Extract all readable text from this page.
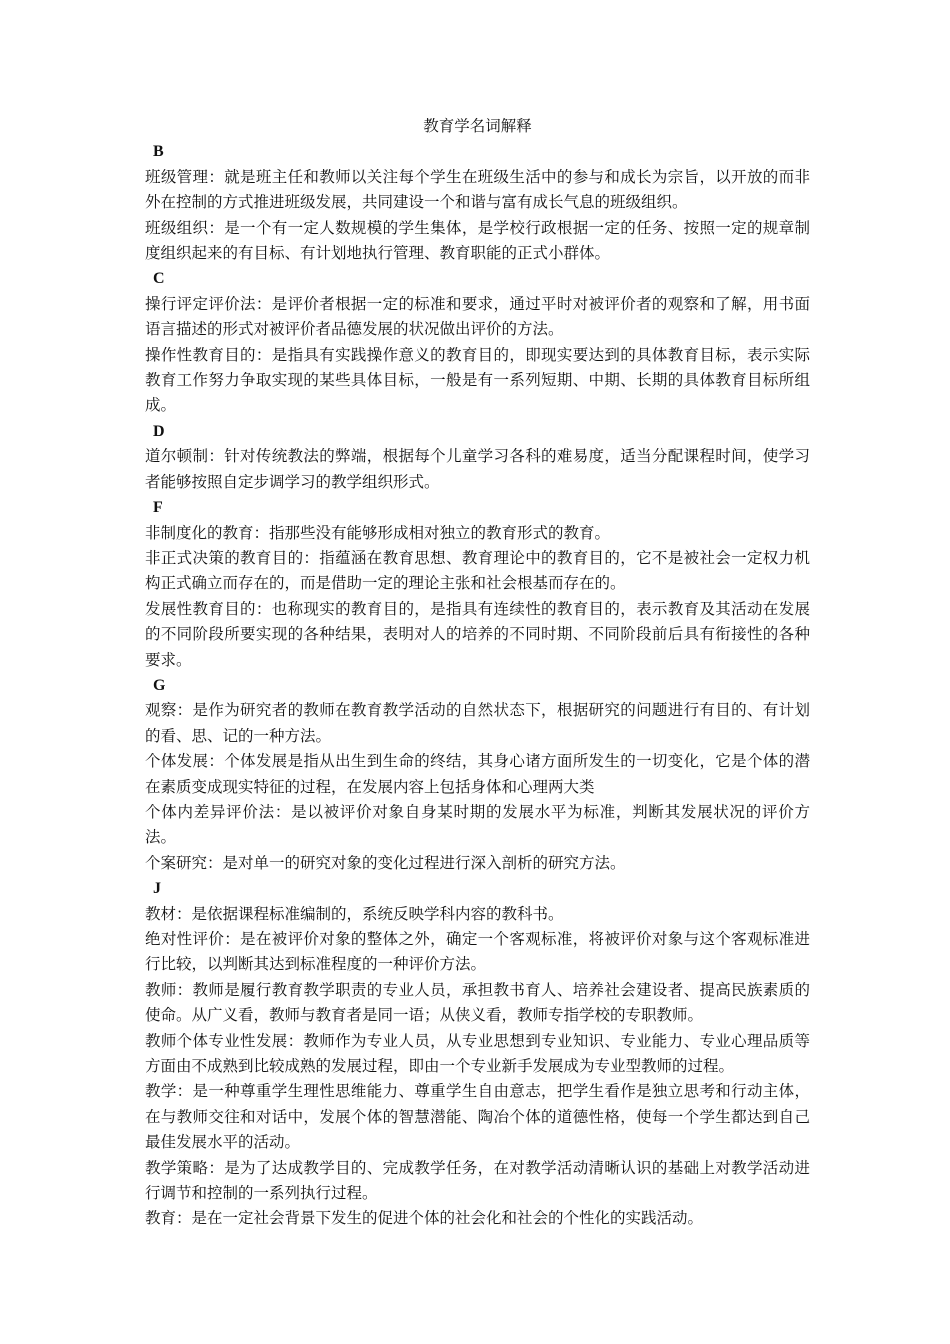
教育学名词解释
B

班级管理：就是班主任和教师以关注每个学生在班级生活中的参与和成长为宗旨，以开放的而非外在控制的方式推进班级发展，共同建设一个和谐与富有成长气息的班级组织。

班级组织：是一个有一定人数规模的学生集体，是学校行政根据一定的任务、按照一定的规章制度组织起来的有目标、有计划地执行管理、教育职能的正式小群体。

C

操行评定评价法：是评价者根据一定的标准和要求，通过平时对被评价者的观察和了解，用书面语言描述的形式对被评价者品德发展的状况做出评价的方法。

操作性教育目的：是指具有实践操作意义的教育目的，即现实要达到的具体教育目标，表示实际教育工作努力争取实现的某些具体目标，一般是有一系列短期、中期、长期的具体教育目标所组成。

D

道尔顿制：针对传统教法的弊端，根据每个儿童学习各科的难易度，适当分配课程时间，使学习者能够按照自定步调学习的教学组织形式。

F

非制度化的教育：指那些没有能够形成相对独立的教育形式的教育。

非正式决策的教育目的：指蕴涵在教育思想、教育理论中的教育目的，它不是被社会一定权力机构正式确立而存在的，而是借助一定的理论主张和社会根基而存在的。

发展性教育目的：也称现实的教育目的，是指具有连续性的教育目的，表示教育及其活动在发展的不同阶段所要实现的各种结果，表明对人的培养的不同时期、不同阶段前后具有衔接性的各种要求。

G

观察：是作为研究者的教师在教育教学活动的自然状态下，根据研究的问题进行有目的、有计划的看、思、记的一种方法。

个体发展：个体发展是指从出生到生命的终结，其身心诸方面所发生的一切变化，它是个体的潜在素质变成现实特征的过程，在发展内容上包括身体和心理两大类

个体内差异评价法：是以被评价对象自身某时期的发展水平为标准，判断其发展状况的评价方法。

个案研究：是对单一的研究对象的变化过程进行深入剖析的研究方法。

J

教材：是依据课程标准编制的，系统反映学科内容的教科书。

绝对性评价：是在被评价对象的整体之外，确定一个客观标准，将被评价对象与这个客观标准进行比较，以判断其达到标准程度的一种评价方法。

教师：教师是履行教育教学职责的专业人员，承担教书育人、培养社会建设者、提高民族素质的使命。从广义看，教师与教育者是同一语；从侠义看，教师专指学校的专职教师。

教师个体专业性发展：教师作为专业人员，从专业思想到专业知识、专业能力、专业心理品质等方面由不成熟到比较成熟的发展过程，即由一个专业新手发展成为专业型教师的过程。

教学：是一种尊重学生理性思维能力、尊重学生自由意志，把学生看作是独立思考和行动主体，在与教师交往和对话中，发展个体的智慧潜能、陶冶个体的道德性格，使每一个学生都达到自己最佳发展水平的活动。

教学策略：是为了达成教学目的、完成教学任务，在对教学活动清晰认识的基础上对教学活动进行调节和控制的一系列执行过程。

教育：是在一定社会背景下发生的促进个体的社会化和社会的个性化的实践活动。
